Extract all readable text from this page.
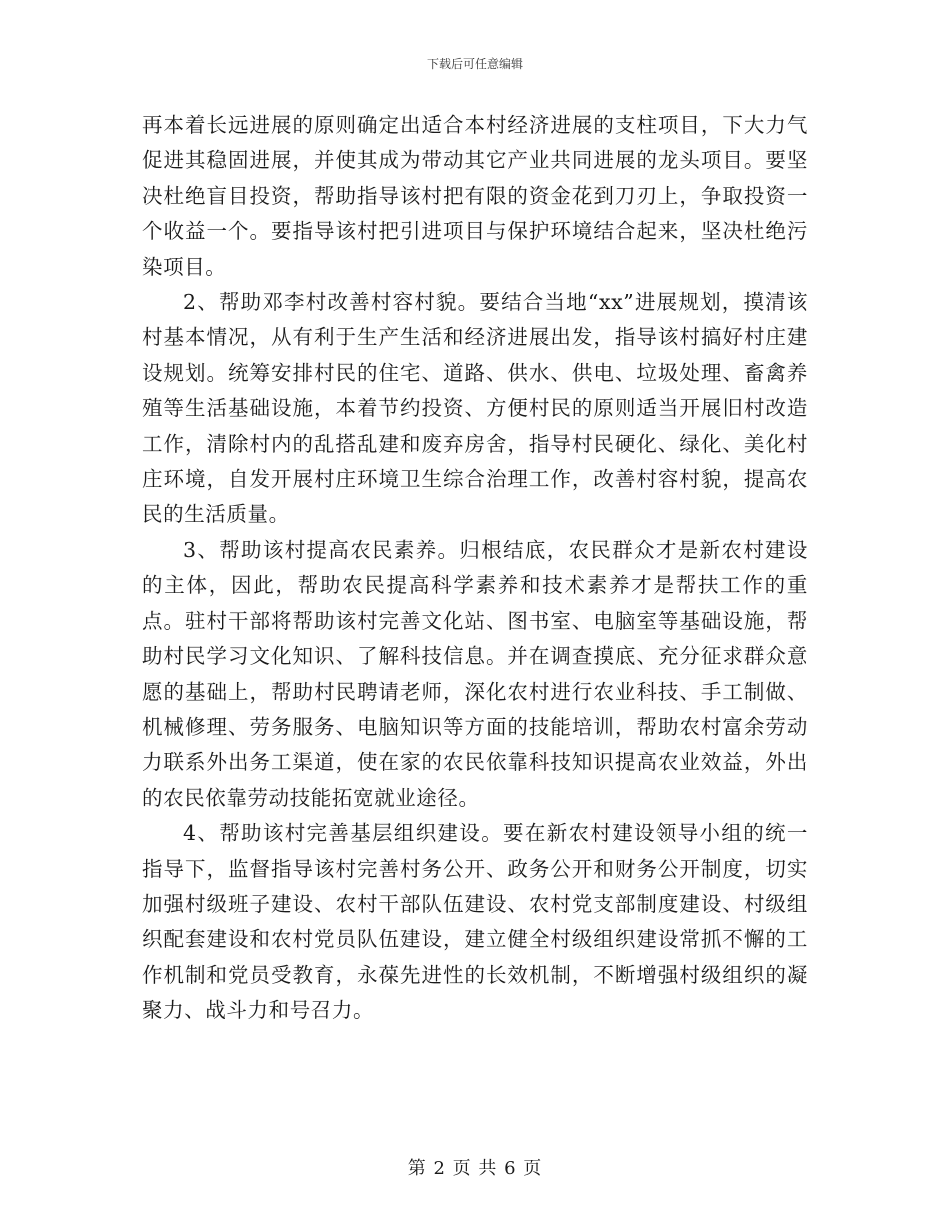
下载后可任意编辑

再本着长远进展的原则确定出适合本村经济进展的支柱项目，下大力气促进其稳固进展，并使其成为带动其它产业共同进展的龙头项目。要坚决杜绝盲目投资，帮助指导该村把有限的资金花到刀刃上，争取投资一个收益一个。要指导该村把引进项目与保护环境结合起来，坚决杜绝污染项目。

2、帮助邓李村改善村容村貌。要结合当地“xx”进展规划，摸清该村基本情况，从有利于生产生活和经济进展出发，指导该村搞好村庄建设规划。统筹安排村民的住宅、道路、供水、供电、垃圾处理、畜禽养殖等生活基础设施，本着节约投资、方便村民的原则适当开展旧村改造工作，清除村内的乱搭乱建和废弃房舍，指导村民硬化、绿化、美化村庄环境，自发开展村庄环境卫生综合治理工作，改善村容村貌，提高农民的生活质量。

3、帮助该村提高农民素养。归根结底，农民群众才是新农村建设的主体，因此，帮助农民提高科学素养和技术素养才是帮扶工作的重点。驻村干部将帮助该村完善文化站、图书室、电脑室等基础设施，帮助村民学习文化知识、了解科技信息。并在调查摸底、充分征求群众意愿的基础上，帮助村民聘请老师，深化农村进行农业科技、手工制做、机械修理、劳务服务、电脑知识等方面的技能培训，帮助农村富余劳动力联系外出务工渠道，使在家的农民依靠科技知识提高农业效益，外出的农民依靠劳动技能拓宽就业途径。

4、帮助该村完善基层组织建设。要在新农村建设领导小组的统一指导下，监督指导该村完善村务公开、政务公开和财务公开制度，切实加强村级班子建设、农村干部队伍建设、农村党支部制度建设、村级组织配套建设和农村党员队伍建设，建立健全村级组织建设常抓不懈的工作机制和党员受教育，永葆先进性的长效机制，不断增强村级组织的凝聚力、战斗力和号召力。

第 2 页 共 6 页
